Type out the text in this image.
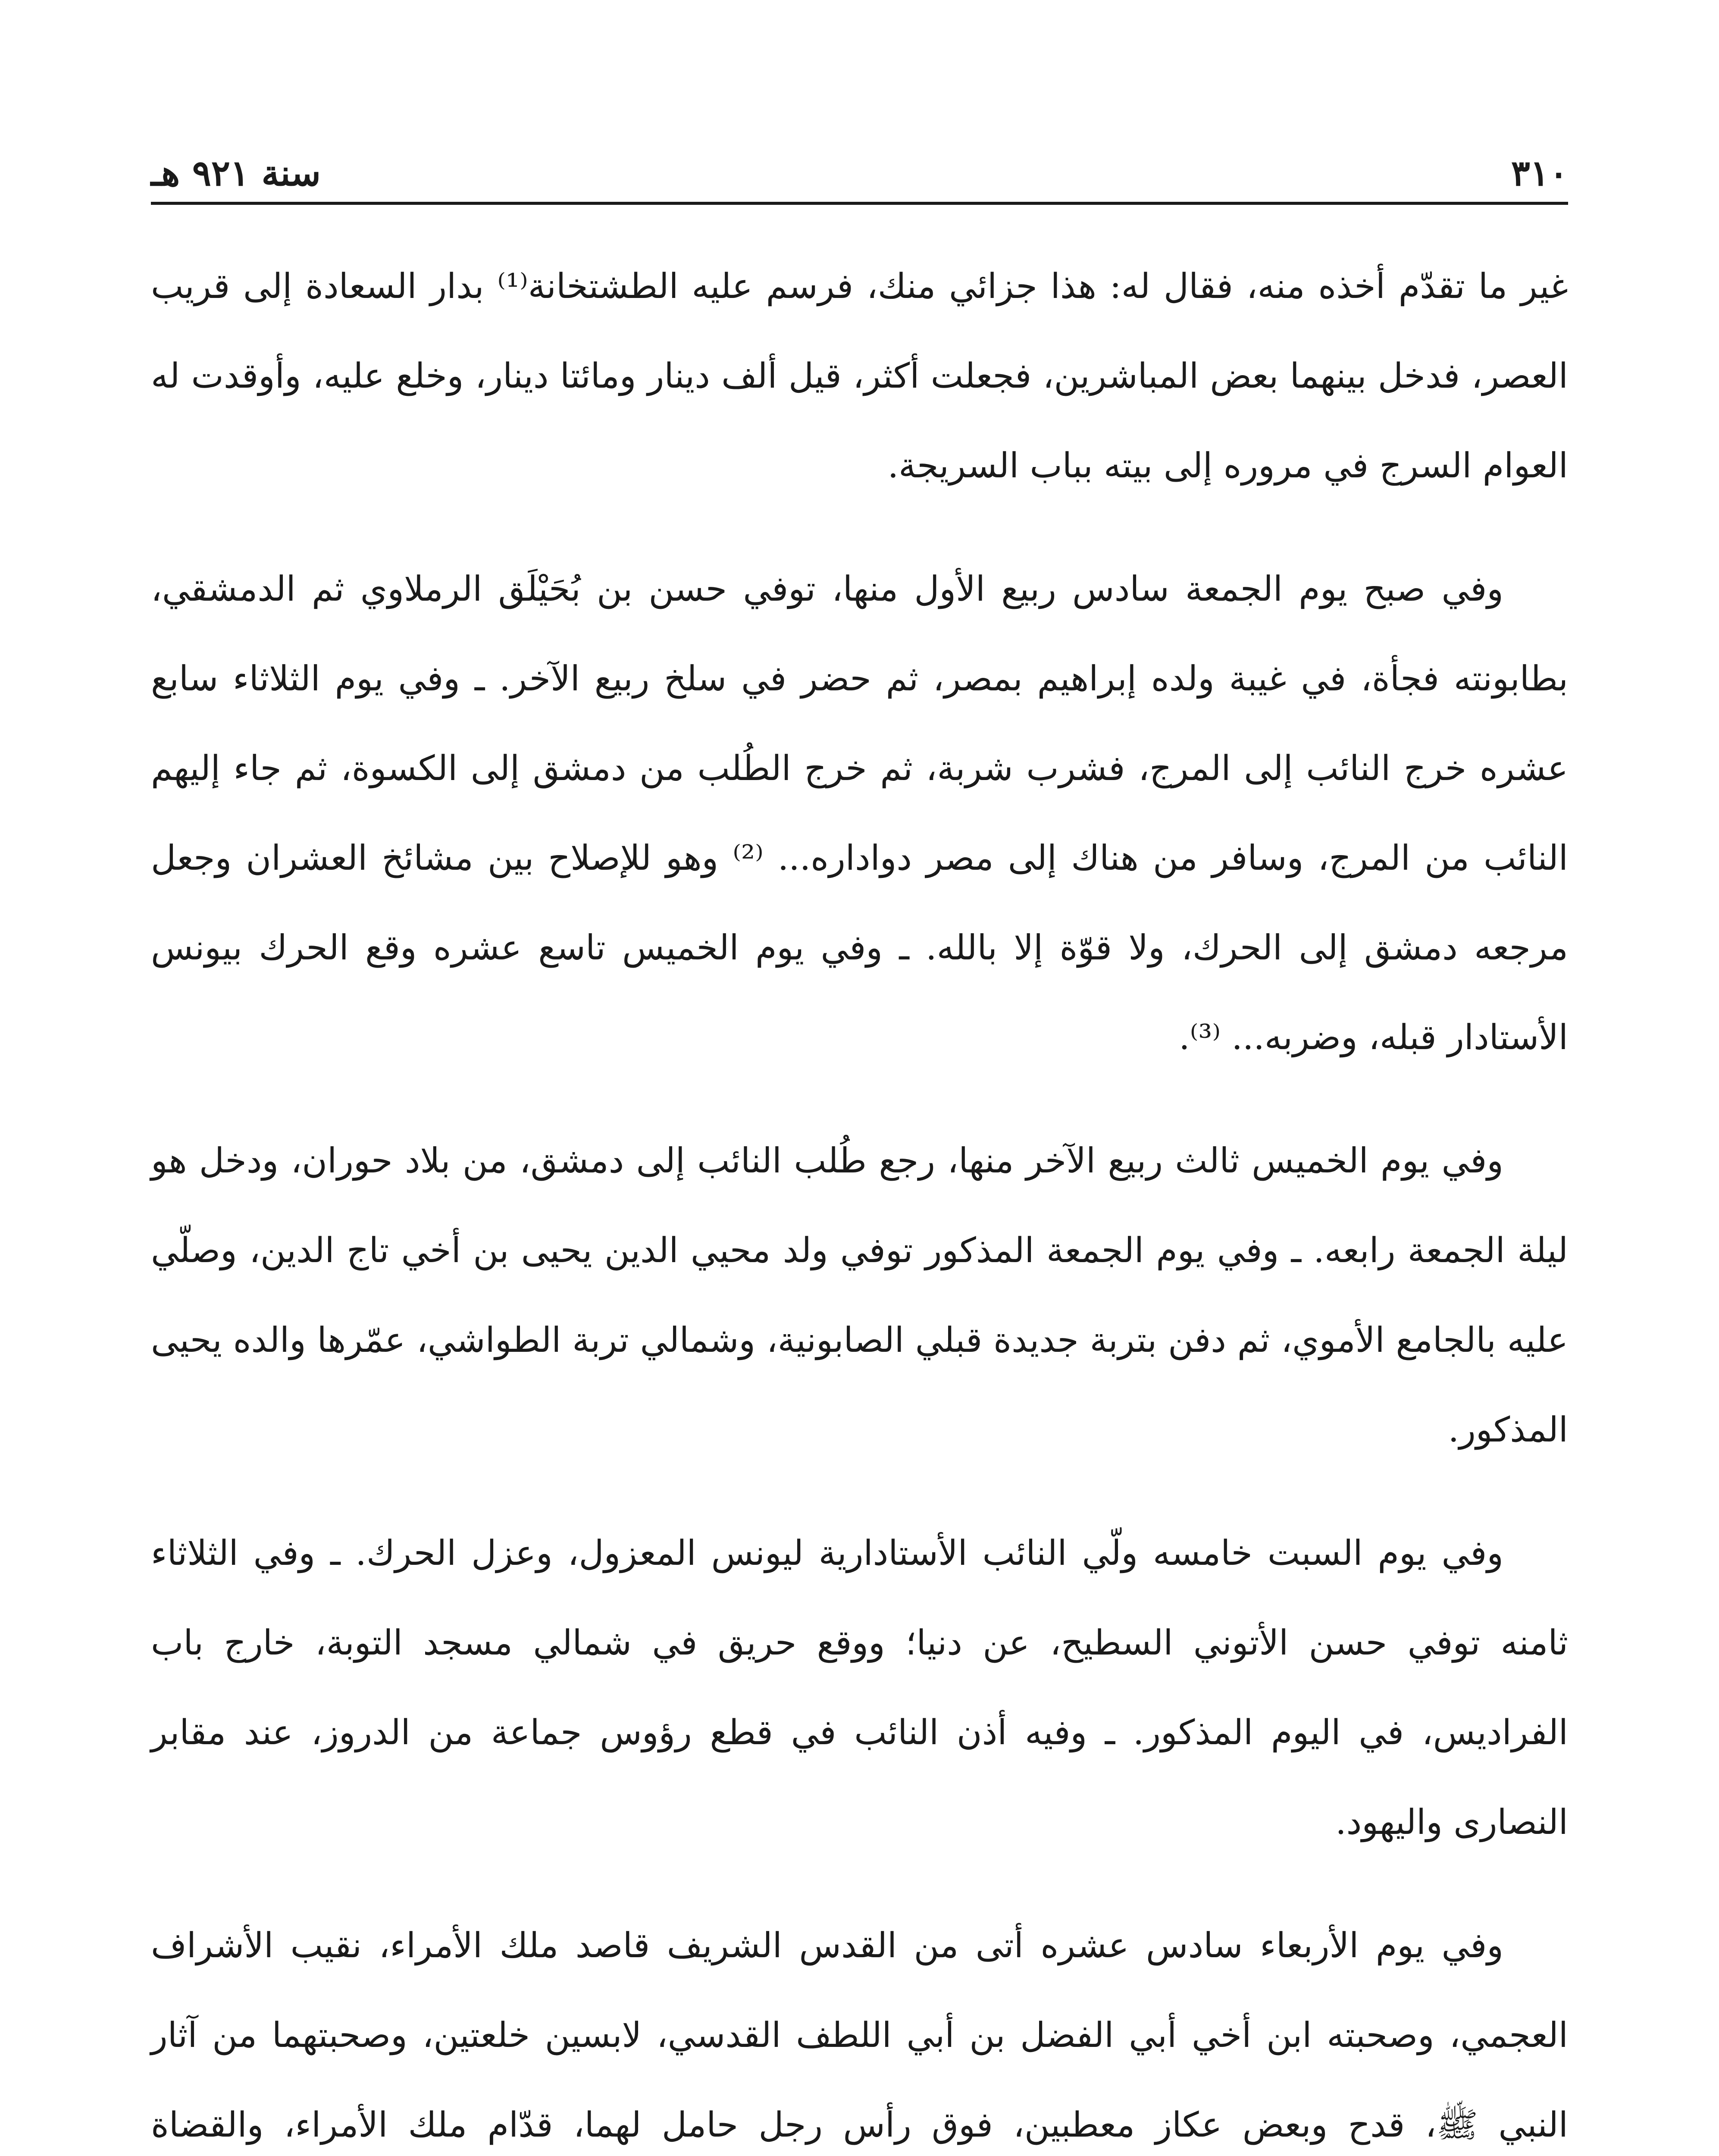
٣١٠
سنة ٩٢١ هـ

غير ما تقدّم أخذه منه، فقال له: هذا جزائي منك، فرسم عليه الطشتخانة⁽¹⁾ بدار السعادة إلى قريب العصر، فدخل بينهما بعض المباشرين، فجعلت أكثر، قيل ألف دينار ومائتا دينار، وخلع عليه، وأوقدت له العوام السرج في مروره إلى بيته بباب السريجة.

وفي صبح يوم الجمعة سادس ربيع الأول منها، توفي حسن بن بُحَيْلَق الرملاوي ثم الدمشقي، بطابونته فجأة، في غيبة ولده إبراهيم بمصر، ثم حضر في سلخ ربيع الآخر. ـ وفي يوم الثلاثاء سابع عشره خرج النائب إلى المرج، فشرب شربة، ثم خرج الطُلب من دمشق إلى الكسوة، ثم جاء إليهم النائب من المرج، وسافر من هناك إلى مصر دواداره... ⁽²⁾ وهو للإصلاح بين مشائخ العشران وجعل مرجعه دمشق إلى الحرك، ولا قوّة إلا بالله. ـ وفي يوم الخميس تاسع عشره وقع الحرك بيونس الأستادار قبله، وضربه... ⁽³⁾.

وفي يوم الخميس ثالث ربيع الآخر منها، رجع طُلب النائب إلى دمشق، من بلاد حوران، ودخل هو ليلة الجمعة رابعه. ـ وفي يوم الجمعة المذكور توفي ولد محيي الدين يحيى بن أخي تاج الدين، وصلّي عليه بالجامع الأموي، ثم دفن بتربة جديدة قبلي الصابونية، وشمالي تربة الطواشي، عمّرها والده يحيى المذكور.

وفي يوم السبت خامسه ولّي النائب الأستادارية ليونس المعزول، وعزل الحرك. ـ وفي الثلاثاء ثامنه توفي حسن الأتوني السطيح، عن دنيا؛ ووقع حريق في شمالي مسجد التوبة، خارج باب الفراديس، في اليوم المذكور. ـ وفيه أذن النائب في قطع رؤوس جماعة من الدروز، عند مقابر النصارى واليهود.

وفي يوم الأربعاء سادس عشره أتى من القدس الشريف قاصد ملك الأمراء، نقيب الأشراف العجمي، وصحبته ابن أخي أبي الفضل بن أبي اللطف القدسي، لابسين خلعتين، وصحبتهما من آثار النبي ﷺ، قدح وبعض عكاز معطبين، فوق رأس رجل حامل لهما، قدّام ملك الأمراء، والقضاة
